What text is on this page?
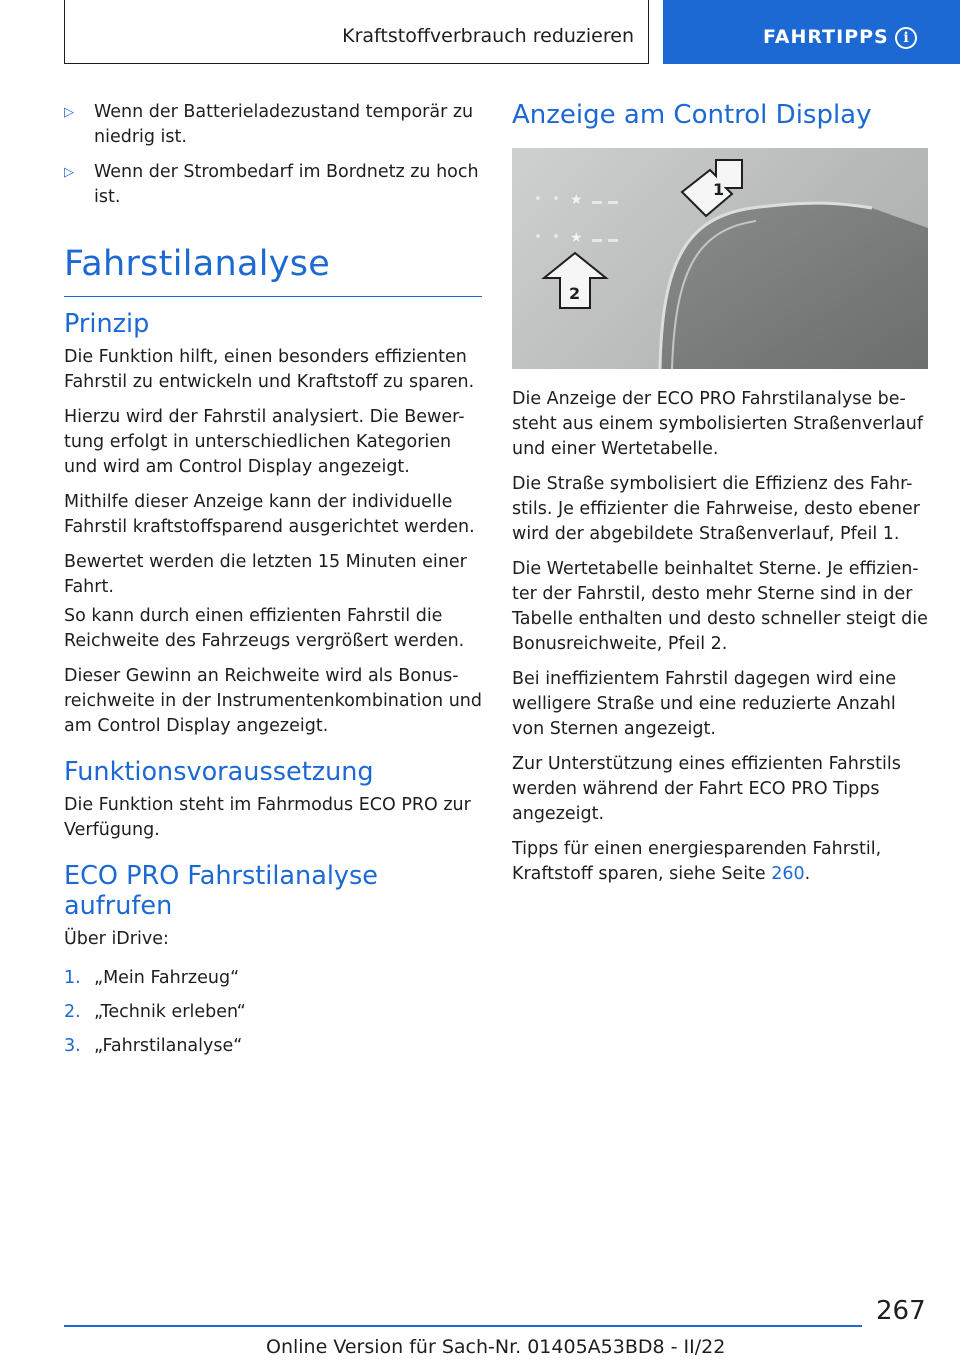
Kraftstoffverbrauch reduzieren	FAHRTIPPS	i
▷ Wenn der Batterieladezustand temporär zu niedrig ist.
▷ Wenn der Strombedarf im Bordnetz zu hoch ist.
Fahrstilanalyse
Prinzip

Die Funktion hilft, einen besonders effizienten Fahrstil zu entwickeln und Kraftstoff zu sparen.

Hierzu wird der Fahrstil analysiert. Die Bewer-tung erfolgt in unterschiedlichen Kategorien und wird am Control Display angezeigt.

Mithilfe dieser Anzeige kann der individuelle Fahrstil kraftstoffsparend ausgerichtet werden.

Bewertet werden die letzten 15 Minuten einer Fahrt.

So kann durch einen effizienten Fahrstil die Reichweite des Fahrzeugs vergrößert werden.

Dieser Gewinn an Reichweite wird als Bonus-reichweite in der Instrumentenkombination und am Control Display angezeigt.

Funktionsvoraussetzung

Die Funktion steht im Fahrmodus ECO PRO zur Verfügung.

ECO PRO Fahrstilanalyse aufrufen

Über iDrive:

1. „Mein Fahrzeug“
2. „Technik erleben“
3. „Fahrstilanalyse“
Anzeige am Control Display
★
★
1
2

Die Anzeige der ECO PRO Fahrstilanalyse be-steht aus einem symbolisierten Straßenverlauf und einer Wertetabelle.

Die Straße symbolisiert die Effizienz des Fahr-stils. Je effizienter die Fahrweise, desto ebener wird der abgebildete Straßenverlauf, Pfeil 1.

Die Wertetabelle beinhaltet Sterne. Je effizien-ter der Fahrstil, desto mehr Sterne sind in der Tabelle enthalten und desto schneller steigt die Bonusreichweite, Pfeil 2.

Bei ineffizientem Fahrstil dagegen wird eine welligere Straße und eine reduzierte Anzahl von Sternen angezeigt.

Zur Unterstützung eines effizienten Fahrstils werden während der Fahrt ECO PRO Tipps angezeigt.

Tipps für einen energiesparenden Fahrstil, Kraftstoff sparen, siehe Seite 260.

267
Online Version für Sach-Nr. 01405A53BD8 - II/22
